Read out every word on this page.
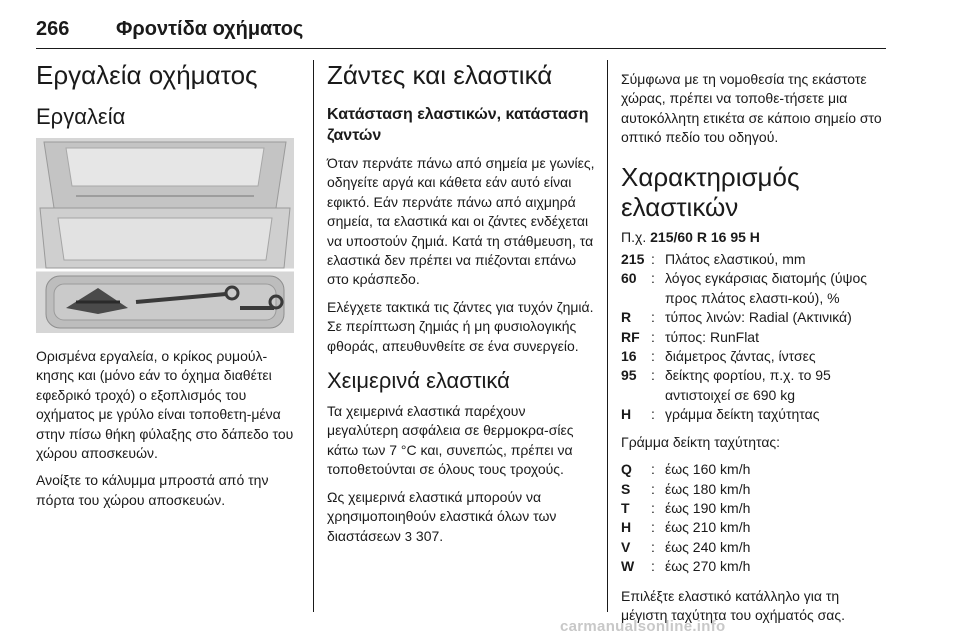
266 Φροντίδα οχήματος
Εργαλεία οχήματος
Εργαλεία

Ορισμένα εργαλεία, ο κρίκος ρυμούλ-κησης και (μόνο εάν το όχημα διαθέτει εφεδρικό τροχό) ο εξοπλισμός του οχήματος με γρύλο είναι τοποθετη-μένα στην πίσω θήκη φύλαξης στο δάπεδο του χώρου αποσκευών.

Ανοίξτε το κάλυμμα μπροστά από την πόρτα του χώρου αποσκευών.

Ζάντες και ελαστικά
Κατάσταση ελαστικών, κατάσταση ζαντών

Όταν περνάτε πάνω από σημεία με γωνίες, οδηγείτε αργά και κάθετα εάν αυτό είναι εφικτό. Εάν περνάτε πάνω από αιχμηρά σημεία, τα ελαστικά και οι ζάντες ενδέχεται να υποστούν ζημιά. Κατά τη στάθμευση, τα ελαστικά δεν πρέπει να πιέζονται επάνω στο κράσπεδο.

Ελέγχετε τακτικά τις ζάντες για τυχόν ζημιά. Σε περίπτωση ζημιάς ή μη φυσιολογικής φθοράς, απευθυνθείτε σε ένα συνεργείο.

Χειμερινά ελαστικά

Τα χειμερινά ελαστικά παρέχουν μεγαλύτερη ασφάλεια σε θερμοκρα-σίες κάτω των 7 °C και, συνεπώς, πρέπει να τοποθετούνται σε όλους τους τροχούς.

Ως χειμερινά ελαστικά μπορούν να χρησιμοποιηθούν ελαστικά όλων των διαστάσεων 3 307.

Σύμφωνα με τη νομοθεσία της εκάστοτε χώρας, πρέπει να τοποθε-τήσετε μια αυτοκόλλητη ετικέτα σε κάποιο σημείο στο οπτικό πεδίο του οδηγού.

Χαρακτηρισμός ελαστικών
Π.χ. 215/60 R 16 95 H
215	:	Πλάτος ελαστικού, mm
60	:	λόγος εγκάρσιας διατομής (ύψος προς πλάτος ελαστι-κού), %
R	:	τύπος λινών: Radial (Ακτινικά)
RF	:	τύπος: RunFlat
16	:	διάμετρος ζάντας, ίντσες
95	:	δείκτης φορτίου, π.χ. το 95 αντιστοιχεί σε 690 kg
H	:	γράμμα δείκτη ταχύτητας

Γράμμα δείκτη ταχύτητας:

Q	:	έως 160 km/h
S	:	έως 180 km/h
T	:	έως 190 km/h
H	:	έως 210 km/h
V	:	έως 240 km/h
W	:	έως 270 km/h

Επιλέξτε ελαστικό κατάλληλο για τη μέγιστη ταχύτητα του οχήματός σας.

carmanualsonline.info
